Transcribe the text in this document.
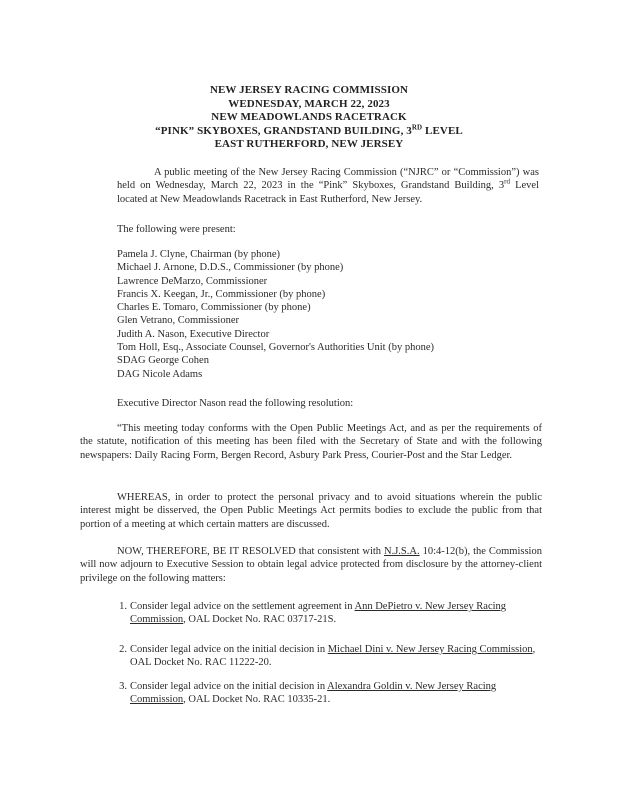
NEW JERSEY RACING COMMISSION
WEDNESDAY, MARCH 22, 2023
NEW MEADOWLANDS RACETRACK
“PINK” SKYBOXES, GRANDSTAND BUILDING, 3RD LEVEL
EAST RUTHERFORD, NEW JERSEY

A public meeting of the New Jersey Racing Commission (“NJRC” or “Commission”) was held on Wednesday, March 22, 2023 in the “Pink” Skyboxes, Grandstand Building, 3rd Level located at New Meadowlands Racetrack in East Rutherford, New Jersey.

The following were present:

Pamela J. Clyne, Chairman (by phone)
Michael J. Arnone, D.D.S., Commissioner (by phone)
Lawrence DeMarzo, Commissioner
Francis X. Keegan, Jr., Commissioner (by phone)
Charles E. Tomaro, Commissioner (by phone)
Glen Vetrano, Commissioner
Judith A. Nason, Executive Director
Tom Holl, Esq., Associate Counsel, Governor's Authorities Unit (by phone)
SDAG George Cohen
DAG Nicole Adams

Executive Director Nason read the following resolution:

“This meeting today conforms with the Open Public Meetings Act, and as per the requirements of the statute, notification of this meeting has been filed with the Secretary of State and with the following newspapers: Daily Racing Form, Bergen Record, Asbury Park Press, Courier-Post and the Star Ledger.

WHEREAS, in order to protect the personal privacy and to avoid situations wherein the public interest might be disserved, the Open Public Meetings Act permits bodies to exclude the public from that portion of a meeting at which certain matters are discussed.

NOW, THEREFORE, BE IT RESOLVED that consistent with N.J.S.A. 10:4-12(b), the Commission will now adjourn to Executive Session to obtain legal advice protected from disclosure by the attorney-client privilege on the following matters:

1. Consider legal advice on the settlement agreement in Ann DePietro v. New Jersey Racing Commission, OAL Docket No. RAC 03717-21S.
2. Consider legal advice on the initial decision in Michael Dini v. New Jersey Racing Commission, OAL Docket No. RAC 11222-20.
3. Consider legal advice on the initial decision in Alexandra Goldin v. New Jersey Racing Commission, OAL Docket No. RAC 10335-21.
